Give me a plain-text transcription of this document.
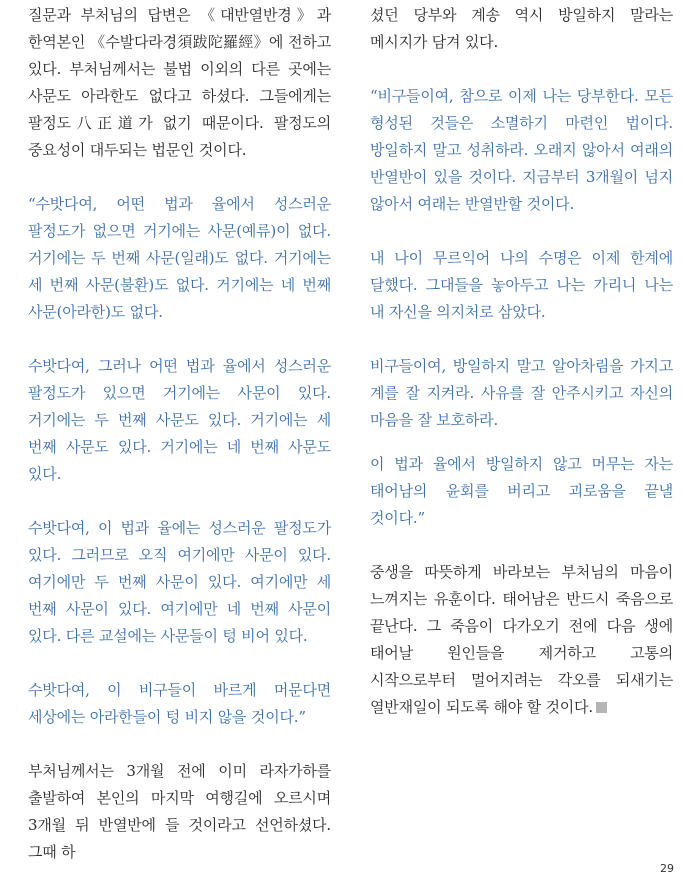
질문과 부처님의 답변은 《대반열반경》과 한역본인 《수발다라경須跋陀羅經》에 전하고 있다. 부처님께서는 불법 이외의 다른 곳에는 사문도 아라한도 없다고 하셨다. 그들에게는 팔정도八正道가 없기 때문이다. 팔정도의 중요성이 대두되는 법문인 것이다.

“수밧다여, 어떤 법과 율에서 성스러운 팔정도가 없으면 거기에는 사문(예류)이 없다. 거기에는 두 번째 사문(일래)도 없다. 거기에는 세 번째 사문(불환)도 없다. 거기에는 네 번째 사문(아라한)도 없다.

수밧다여, 그러나 어떤 법과 율에서 성스러운 팔정도가 있으면 거기에는 사문이 있다. 거기에는 두 번째 사문도 있다. 거기에는 세 번째 사문도 있다. 거기에는 네 번째 사문도 있다.

수밧다여, 이 법과 율에는 성스러운 팔정도가 있다. 그러므로 오직 여기에만 사문이 있다. 여기에만 두 번째 사문이 있다. 여기에만 세 번째 사문이 있다. 여기에만 네 번째 사문이 있다. 다른 교설에는 사문들이 텅 비어 있다.

수밧다여, 이 비구들이 바르게 머문다면 세상에는 아라한들이 텅 비지 않을 것이다.”

부처님께서는 3개월 전에 이미 라자가하를 출발하여 본인의 마지막 여행길에 오르시며 3개월 뒤 반열반에 들 것이라고 선언하셨다. 그때 하

셨던 당부와 계송 역시 방일하지 말라는 메시지가 담겨 있다.

“비구들이여, 참으로 이제 나는 당부한다. 모든 형성된 것들은 소멸하기 마련인 법이다. 방일하지 말고 성취하라. 오래지 않아서 여래의 반열반이 있을 것이다. 지금부터 3개월이 넘지 않아서 여래는 반열반할 것이다.

내 나이 무르익어 나의 수명은 이제 한계에 달했다. 그대들을 놓아두고 나는 가리니 나는 내 자신을 의지처로 삼았다.

비구들이여, 방일하지 말고 알아차림을 가지고 계를 잘 지켜라. 사유를 잘 안주시키고 자신의 마음을 잘 보호하라.

이 법과 율에서 방일하지 않고 머무는 자는 태어남의 윤회를 버리고 괴로움을 끝낼 것이다.”

중생을 따뜻하게 바라보는 부처님의 마음이 느껴지는 유훈이다. 태어남은 반드시 죽음으로 끝난다. 그 죽음이 다가오기 전에 다음 생에 태어날 원인들을 제거하고 고통의 시작으로부터 멀어지려는 각오를 되새기는 열반재일이 되도록 해야 할 것이다.

29
